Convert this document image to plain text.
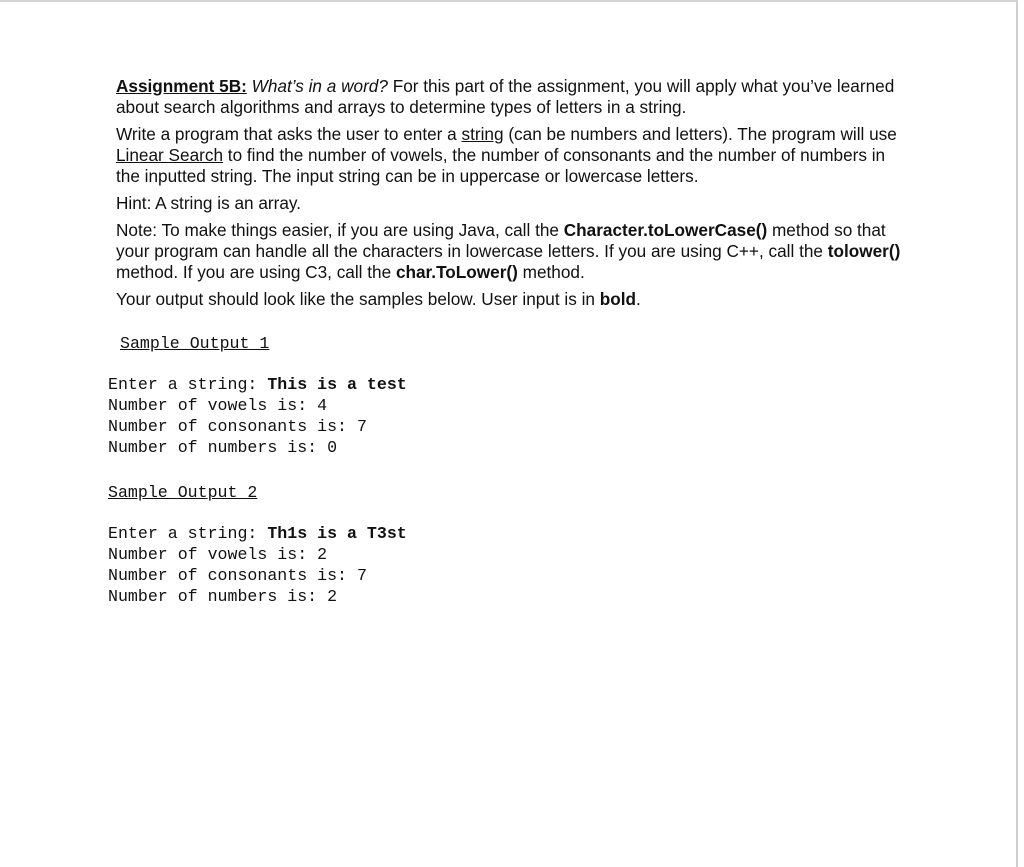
Assignment 5B: What’s in a word? For this part of the assignment, you will apply what you’ve learned about search algorithms and arrays to determine types of letters in a string.

Write a program that asks the user to enter a string (can be numbers and letters). The program will use Linear Search to find the number of vowels, the number of consonants and the number of numbers in the inputted string. The input string can be in uppercase or lowercase letters.

Hint: A string is an array.

Note: To make things easier, if you are using Java, call the Character.toLowerCase() method so that your program can handle all the characters in lowercase letters. If you are using C++, call the tolower() method. If you are using C3, call the char.ToLower() method.

Your output should look like the samples below. User input is in bold.

Sample Output 1
Enter a string: This is a test
Number of vowels is: 4
Number of consonants is: 7
Number of numbers is: 0
Sample Output 2
Enter a string: Th1s is a T3st
Number of vowels is: 2
Number of consonants is: 7
Number of numbers is: 2
